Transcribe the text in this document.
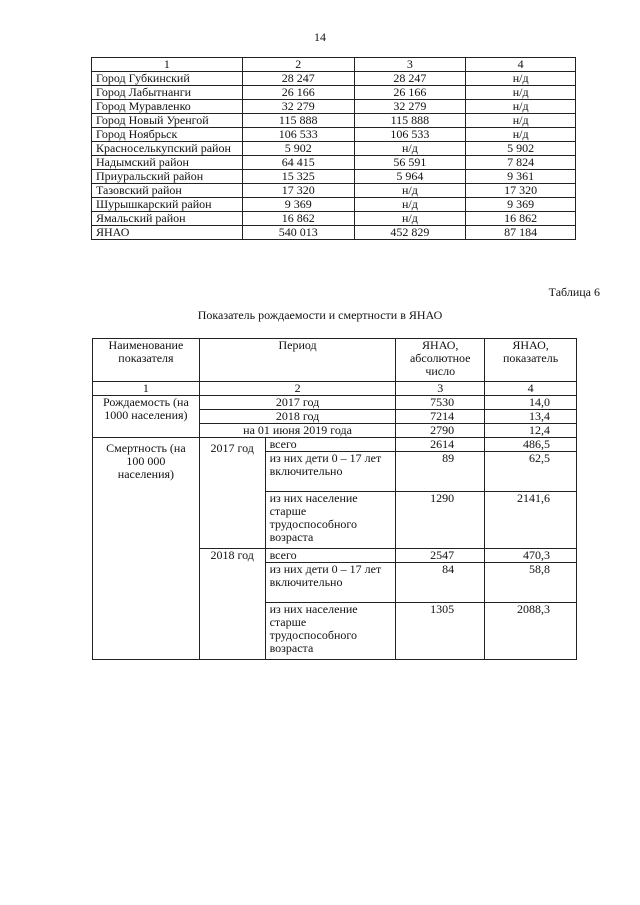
14
1	2	3	4
Город Губкинский	28 247	28 247	н/д
Город Лабытнанги	26 166	26 166	н/д
Город Муравленко	32 279	32 279	н/д
Город Новый Уренгой	115 888	115 888	н/д
Город Ноябрьск	106 533	106 533	н/д
Красноселькупский район	5 902	н/д	5 902
Надымский район	64 415	56 591	7 824
Приуральский район	15 325	5 964	9 361
Тазовский район	17 320	н/д	17 320
Шурышкарский район	9 369	н/д	9 369
Ямальский район	16 862	н/д	16 862
ЯНАО	540 013	452 829	87 184
Таблица 6
Показатель рождаемости и смертности в ЯНАО
Наименование показателя	Период		ЯНАО, абсолютное число	ЯНАО, показатель
1	2		3	4
Рождаемость (на 1000 населения)	2017 год		7530	14,0
	2018 год		7214	13,4
	на 01 июня 2019 года		2790	12,4
Смертность (на 100 000 населения)	2017 год	всего	2614	486,5
		из них дети 0 – 17 лет включительно	89	62,5
		из них население старше трудоспособного возраста	1290	2141,6
	2018 год	всего	2547	470,3
		из них дети 0 – 17 лет включительно	84	58,8
		из них население старше трудоспособного возраста	1305	2088,3
